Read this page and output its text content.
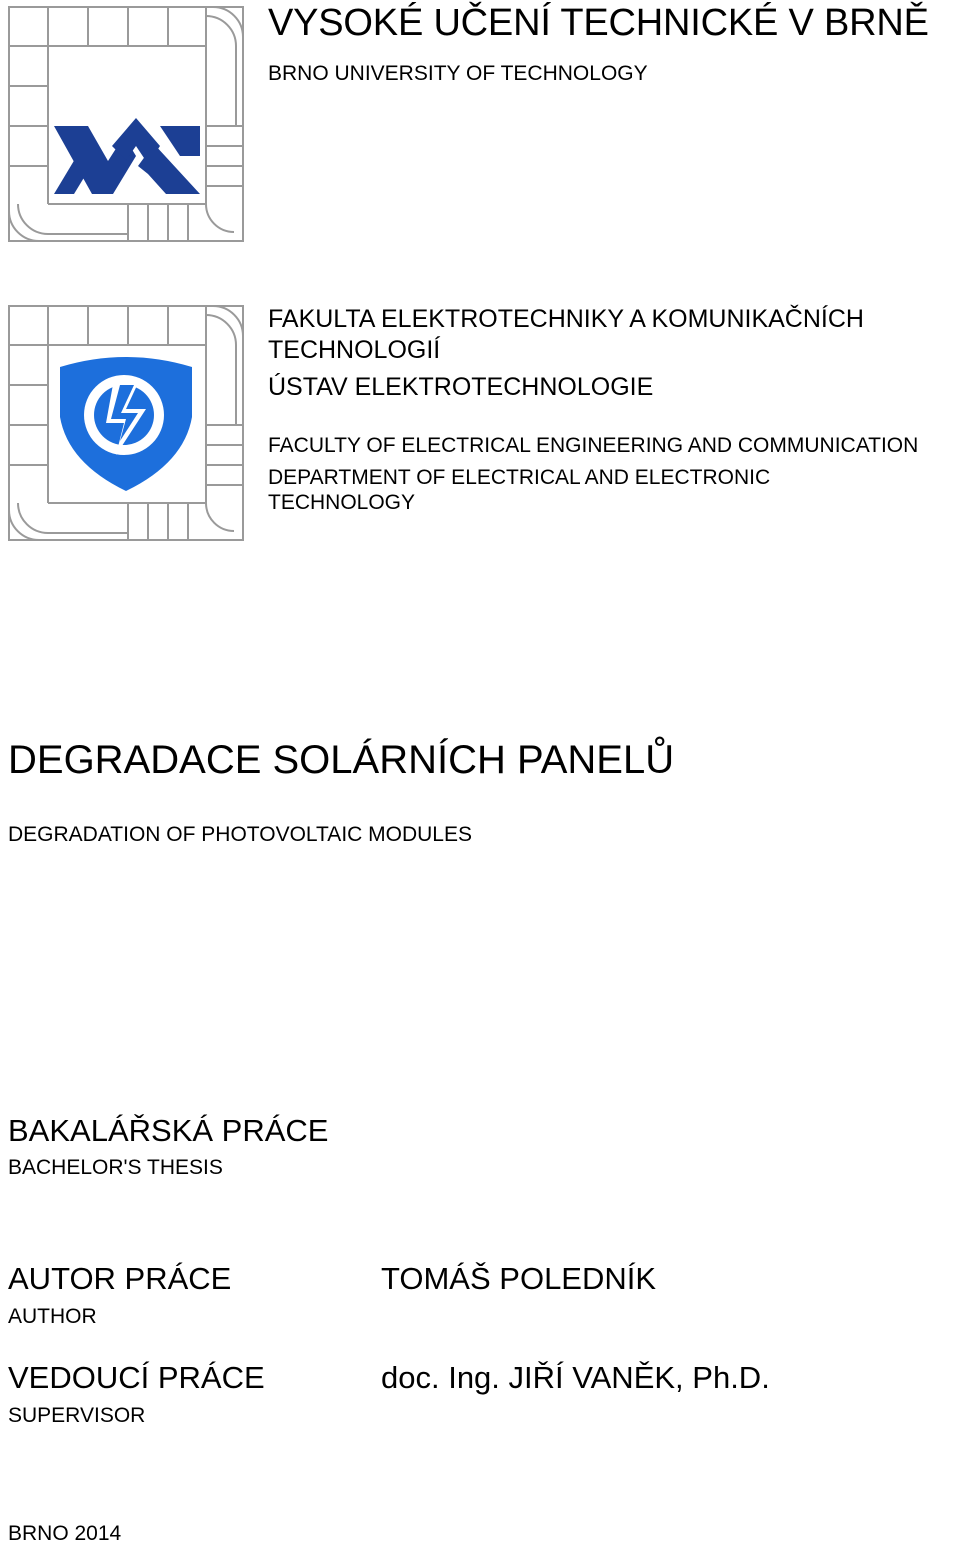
VYSOKÉ UČENÍ TECHNICKÉ V BRNĚ
BRNO UNIVERSITY OF TECHNOLOGY
FAKULTA ELEKTROTECHNIKY A KOMUNIKAČNÍCH
TECHNOLOGIÍ
ÚSTAV ELEKTROTECHNOLOGIE
FACULTY OF ELECTRICAL ENGINEERING AND COMMUNICATION
DEPARTMENT OF ELECTRICAL AND ELECTRONIC
TECHNOLOGY
DEGRADACE SOLÁRNÍCH PANELŮ
DEGRADATION OF PHOTOVOLTAIC MODULES
BAKALÁŘSKÁ PRÁCE
BACHELOR'S THESIS
AUTOR PRÁCE
AUTHOR
TOMÁŠ POLEDNÍK
VEDOUCÍ PRÁCE
SUPERVISOR
doc. Ing. JIŘÍ VANĚK, Ph.D.
BRNO 2014
